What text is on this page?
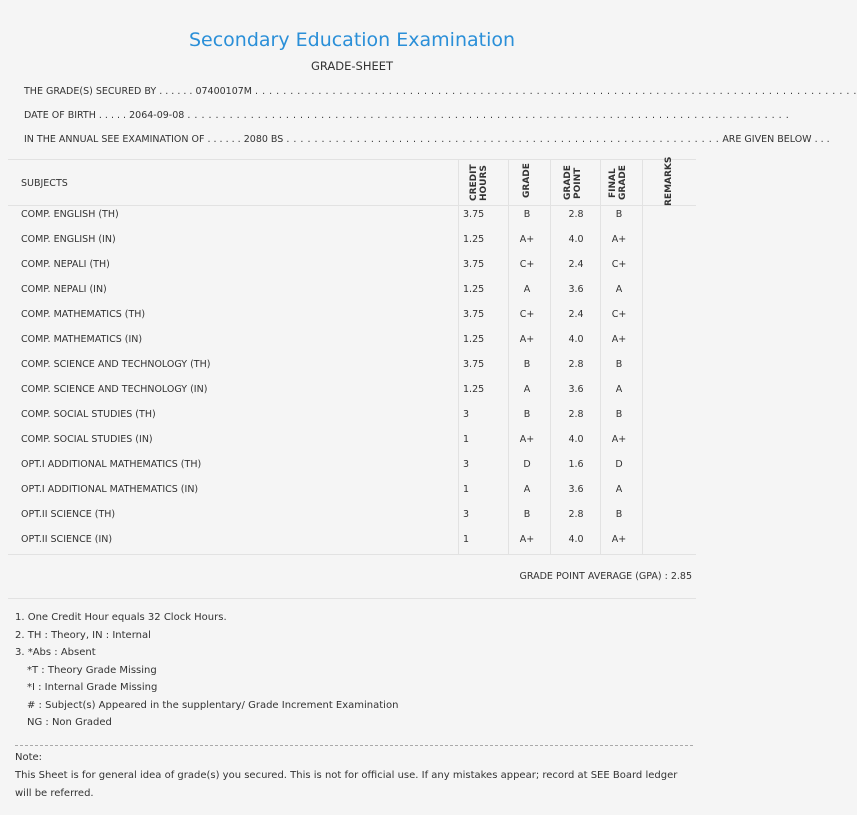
Secondary Education Examination
GRADE-SHEET
THE GRADE(S) SECURED BY . . . . . . 07400107M . . . . . . . . . . . . . . . . . . . . . . . . . . . . . . . . . . . . . . . . . . . . . . . . . . . . . . . . . . . . . . . . . . . . . . . . . . . . . . . . . . . . . .
DATE OF BIRTH . . . . . 2064-09-08 . . . . . . . . . . . . . . . . . . . . . . . . . . . . . . . . . . . . . . . . . . . . . . . . . . . . . . . . . . . . . . . . . . . . . . . . . . . . . . . . . . . . . .
IN THE ANNUAL SEE EXAMINATION OF . . . . . . 2080 BS . . . . . . . . . . . . . . . . . . . . . . . . . . . . . . . . . . . . . . . . . . . . . . . . . . . . . . . . . . . . . . ARE GIVEN BELOW . . .
SUBJECTS	CREDIT HOURS	GRADE	GRADE POINT	FINAL GRADE	REMARKS
COMP. ENGLISH (TH)	3.75	B	2.8	B
COMP. ENGLISH (IN)	1.25	A+	4.0	A+
COMP. NEPALI (TH)	3.75	C+	2.4	C+
COMP. NEPALI (IN)	1.25	A	3.6	A
COMP. MATHEMATICS (TH)	3.75	C+	2.4	C+
COMP. MATHEMATICS (IN)	1.25	A+	4.0	A+
COMP. SCIENCE AND TECHNOLOGY (TH)	3.75	B	2.8	B
COMP. SCIENCE AND TECHNOLOGY (IN)	1.25	A	3.6	A
COMP. SOCIAL STUDIES (TH)	3	B	2.8	B
COMP. SOCIAL STUDIES (IN)	1	A+	4.0	A+
OPT.I ADDITIONAL MATHEMATICS (TH)	3	D	1.6	D
OPT.I ADDITIONAL MATHEMATICS (IN)	1	A	3.6	A
OPT.II SCIENCE (TH)	3	B	2.8	B
OPT.II SCIENCE (IN)	1	A+	4.0	A+
GRADE POINT AVERAGE (GPA) : 2.85
1. One Credit Hour equals 32 Clock Hours.
2. TH : Theory, IN : Internal
3. *Abs : Absent
*T : Theory Grade Missing
*I : Internal Grade Missing
# : Subject(s) Appeared in the supplentary/ Grade Increment Examination
NG : Non Graded
Note:
This Sheet is for general idea of grade(s) you secured. This is not for official use. If any mistakes appear; record at SEE Board ledger will be referred.
